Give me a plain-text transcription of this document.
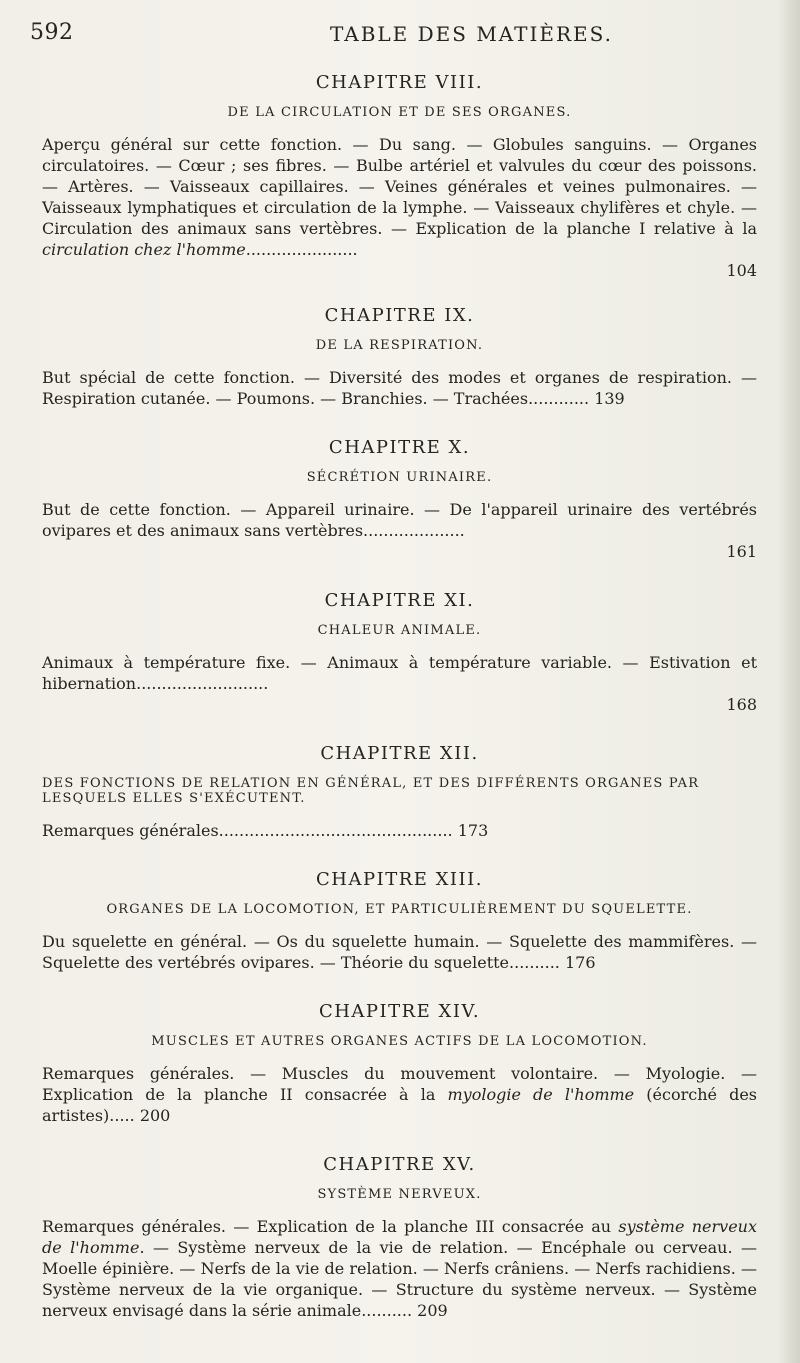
592	TABLE DES MATIÈRES.

CHAPITRE VIII.

DE LA CIRCULATION ET DE SES ORGANES.

Aperçu général sur cette fonction. — Du sang. — Globules sanguins. — Organes circulatoires. — Cœur ; ses fibres. — Bulbe artériel et valvules du cœur des poissons. — Artères. — Vaisseaux capillaires. — Veines générales et veines pulmonaires. — Vaisseaux lymphatiques et circulation de la lymphe. — Vaisseaux chylifères et chyle. — Circulation des animaux sans vertèbres. — Explication de la planche I relative à la circulation chez l'homme......................

104

CHAPITRE IX.

DE LA RESPIRATION.

But spécial de cette fonction. — Diversité des modes et organes de respiration. — Respiration cutanée. — Poumons. — Branchies. — Trachées............ 139

CHAPITRE X.

SÉCRÉTION URINAIRE.

But de cette fonction. — Appareil urinaire. — De l'appareil urinaire des vertébrés ovipares et des animaux sans vertèbres....................

161

CHAPITRE XI.

CHALEUR ANIMALE.

Animaux à température fixe. — Animaux à température variable. — Estivation et hibernation..........................

168

CHAPITRE XII.

DES FONCTIONS DE RELATION EN GÉNÉRAL, ET DES DIFFÉRENTS ORGANES PAR LESQUELS ELLES S'EXÉCUTENT.

Remarques générales.............................................. 173

CHAPITRE XIII.

ORGANES DE LA LOCOMOTION, ET PARTICULIÈREMENT DU SQUELETTE.

Du squelette en général. — Os du squelette humain. — Squelette des mammifères. — Squelette des vertébrés ovipares. — Théorie du squelette.......... 176

CHAPITRE XIV.

MUSCLES ET AUTRES ORGANES ACTIFS DE LA LOCOMOTION.

Remarques générales. — Muscles du mouvement volontaire. — Myologie. — Explication de la planche II consacrée à la myologie de l'homme (écorché des artistes)..... 200

CHAPITRE XV.

SYSTÈME NERVEUX.

Remarques générales. — Explication de la planche III consacrée au système nerveux de l'homme. — Système nerveux de la vie de relation. — Encéphale ou cerveau. — Moelle épinière. — Nerfs de la vie de relation. — Nerfs crâniens. — Nerfs rachidiens. — Système nerveux de la vie organique. — Structure du système nerveux. — Système nerveux envisagé dans la série animale.......... 209
